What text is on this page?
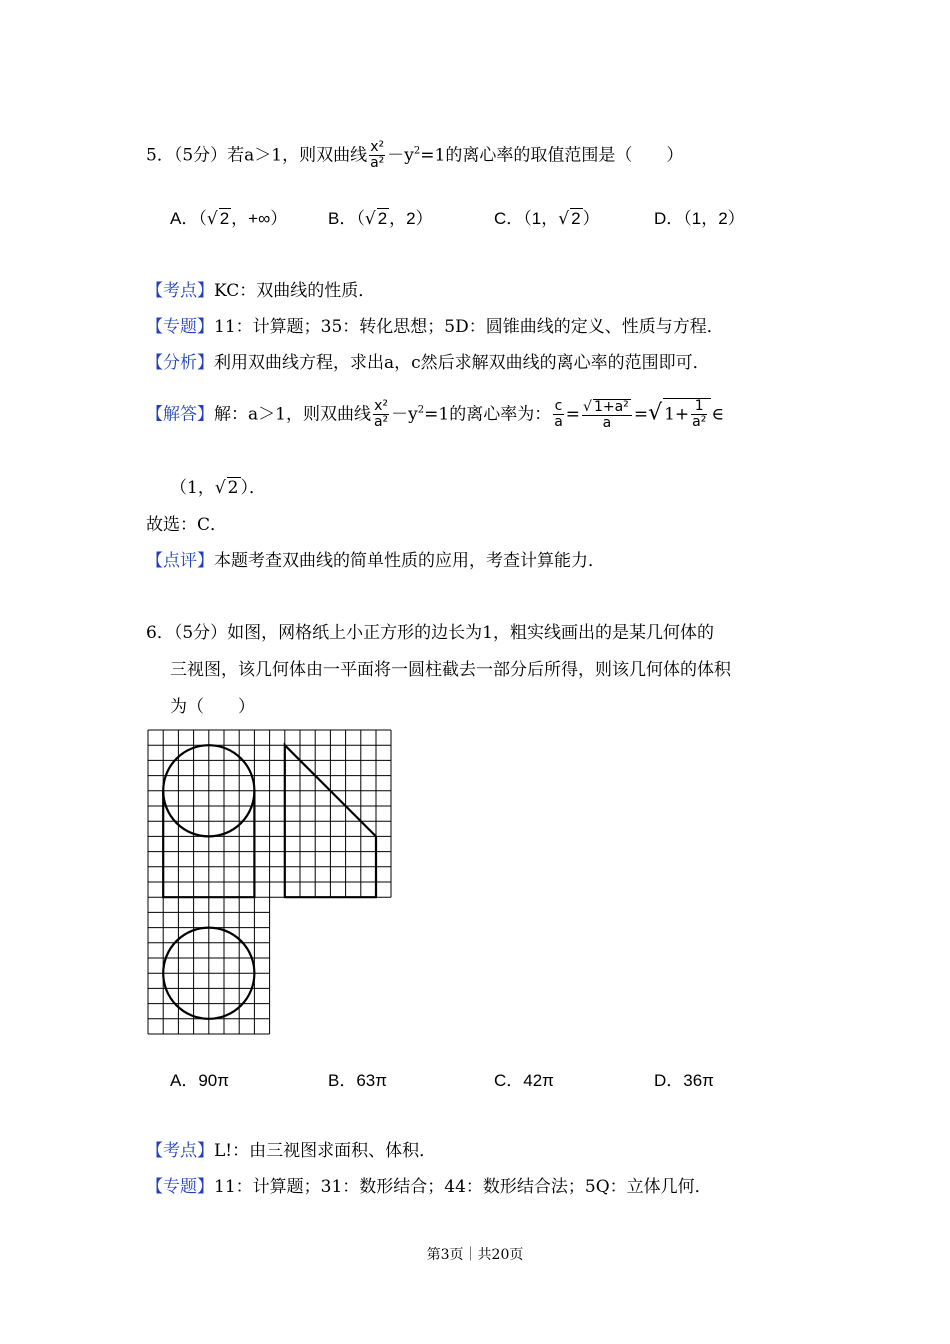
5．（5分）若a＞1，则双曲线 $\frac{\text{x²}}{\text{a²}} -y^2=1$的离心率的取值范围是（　　）
A．（√ 2 ，+∞） B．（√ 2 ，2）	C．（1，√ 2 ）	D．（1，2）
【考点】KC：双曲线的性质．
【专题】11：计算题；35：转化思想；5D：圆锥曲线的定义、性质与方程．
【分析】利用双曲线方程，求出a，c然后求解双曲线的离心率的范围即可．
【解答】解：a＞1，则双曲线 $\frac{\text{x²}}{\text{a²}} -y^2=1$的离心率为： $\frac{c}{a} = \frac{\text{√ 1+a²}}{a}$ =√ $1+ \frac{1}{\text{a²}}$ ∈
（1，√ 2 ）．
故选：C．
【点评】本题考查双曲线的简单性质的应用，考查计算能力．
6．（5分）如图，网格纸上小正方形的边长为1，粗实线画出的是某几何体的
三视图，该几何体由一平面将一圆柱截去一部分后所得，则该几何体的体积
为（　　）
A．90π	B．63π	C．42π	D．36π
【考点】L!：由三视图求面积、体积．
【专题】11：计算题；31：数形结合；44：数形结合法；5Q：立体几何．
第3页｜共20页
